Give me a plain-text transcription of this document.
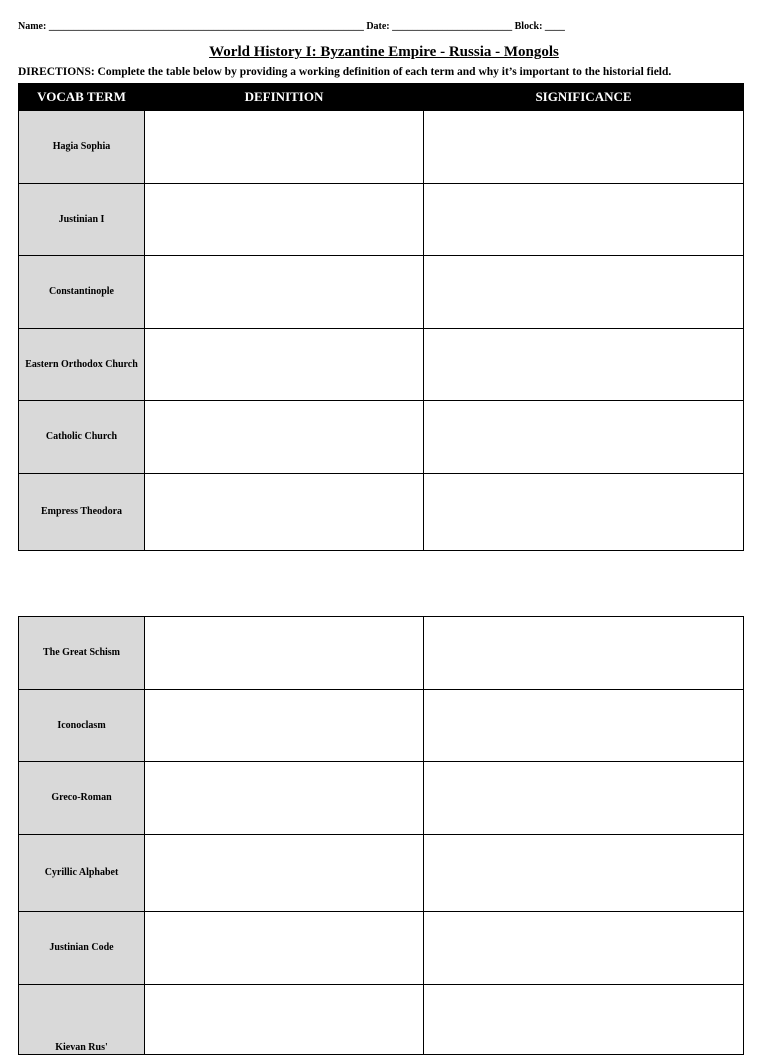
Name: _______________________________________________________________ Date: ________________________ Block: ____
World History I: Byzantine Empire - Russia - Mongols
DIRECTIONS: Complete the table below by providing a working definition of each term and why it’s important to the historial field.
VOCAB TERM	DEFINITION	SIGNIFICANCE
Hagia Sophia		
Justinian I		
Constantinople		
Eastern Orthodox Church		
Catholic Church		
Empress Theodora		
The Great Schism		
Iconoclasm		
Greco-Roman		
Cyrillic Alphabet		
Justinian Code		
Kievan Rus'		
